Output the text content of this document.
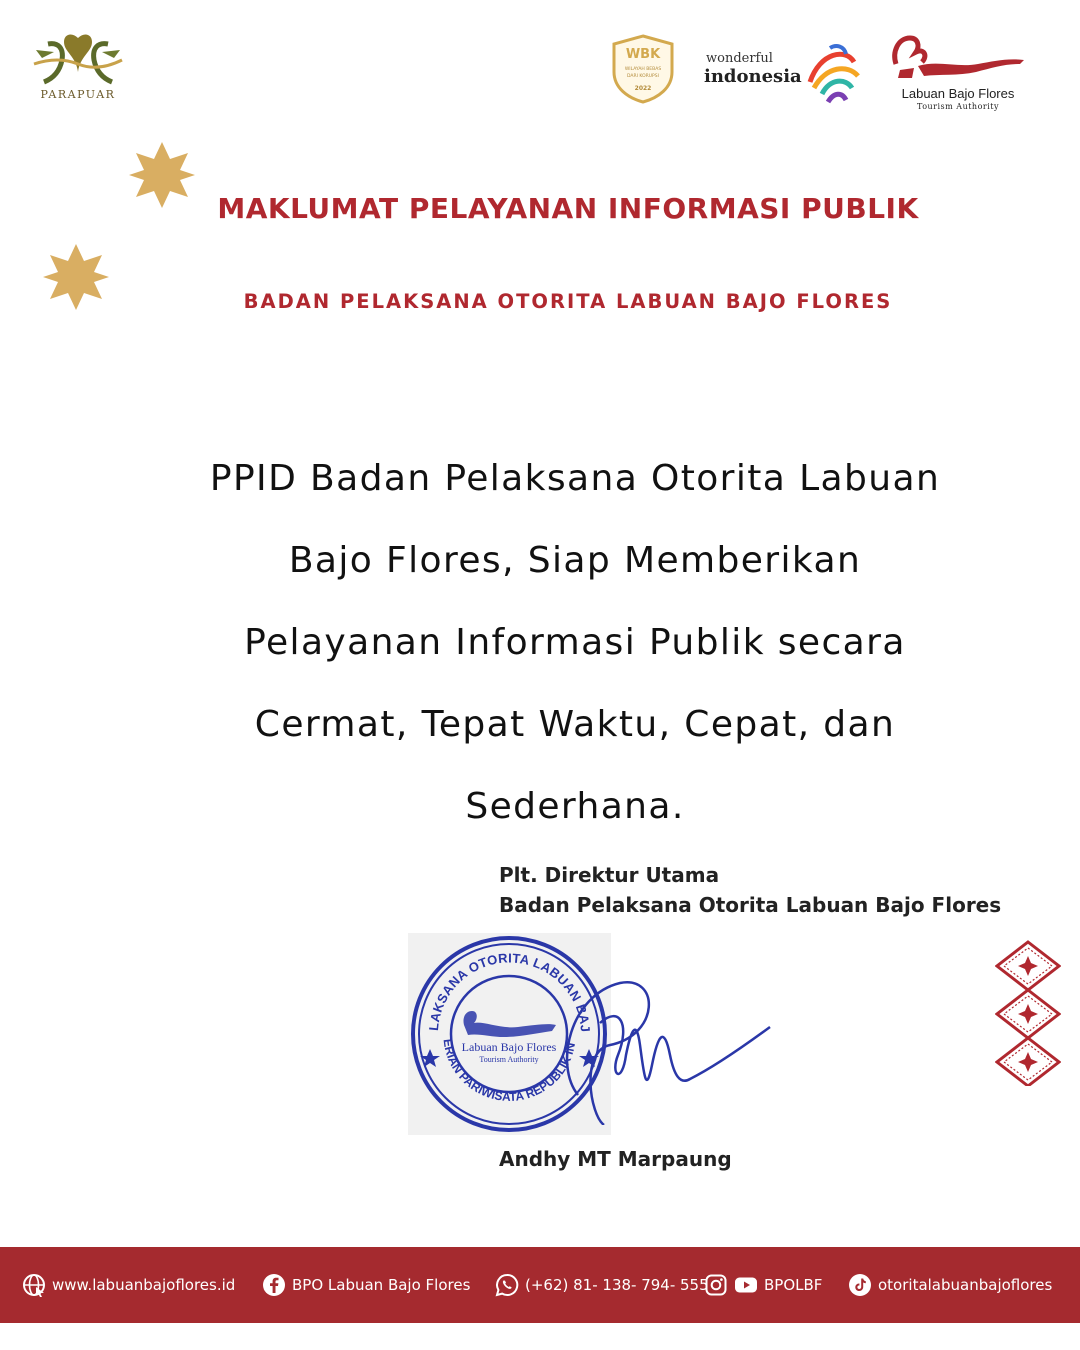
PARAPUAR
WBK
WILAYAH BEBAS
DARI KORUPSI
2022
wonderful
indonesia
Labuan Bajo Flores
Tourism Authority
MAKLUMAT PELAYANAN INFORMASI PUBLIK
BADAN PELAKSANA OTORITA LABUAN BAJO FLORES
PPID Badan Pelaksana Otorita Labuan
Bajo Flores, Siap Memberikan
Pelayanan Informasi Publik secara
Cermat, Tepat Waktu, Cepat, dan
Sederhana.
Plt. Direktur Utama
Badan Pelaksana Otorita Labuan Bajo Flores
LAKSANA OTORITA LABUAN BAJ
ERIAN PARIWISATA REPUBLIK IN
Labuan Bajo Flores
Tourism Authority
Andhy MT Marpaung
www.labuanbajoflores.id	BPO Labuan Bajo Flores	(+62) 81- 138- 794- 555	BPOLBF	otoritalabuanbajoflores
